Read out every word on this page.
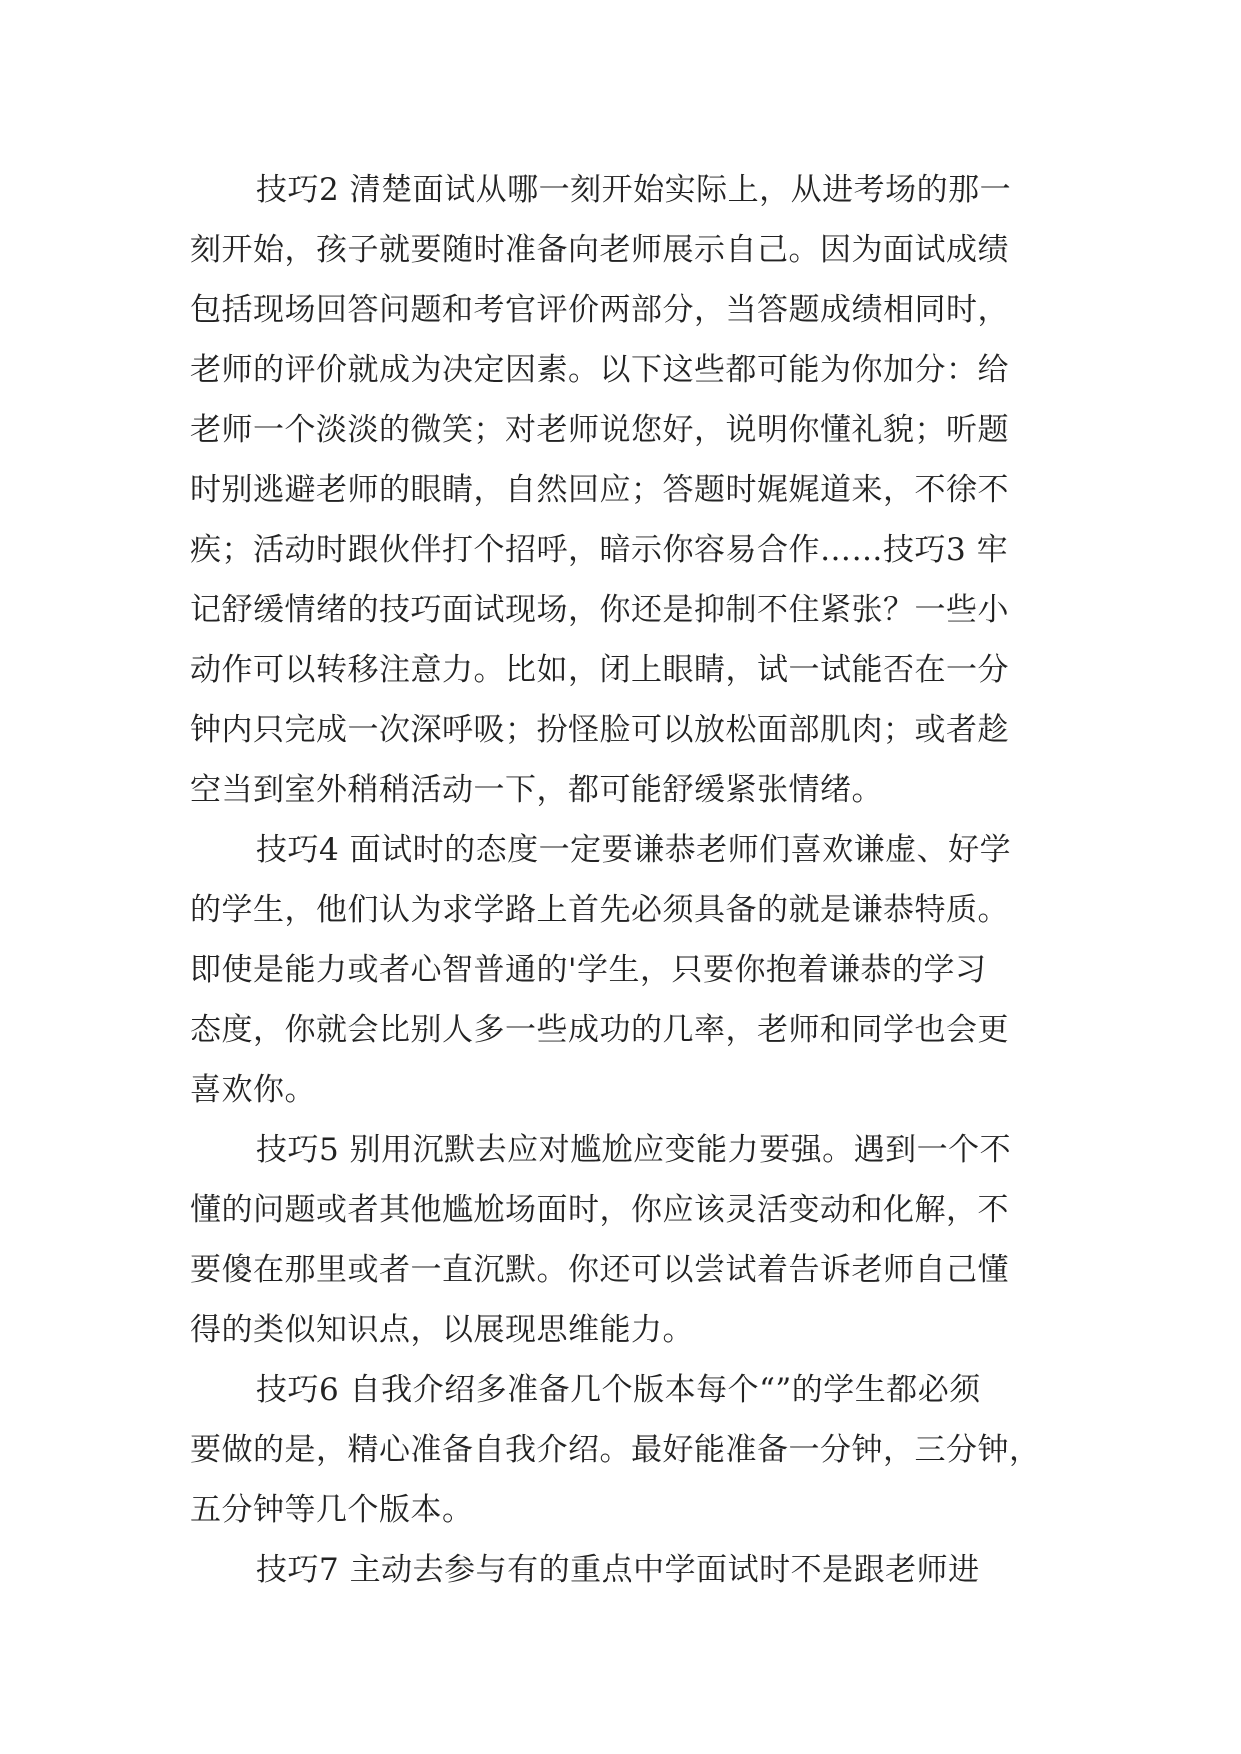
技巧2 清楚面试从哪一刻开始实际上，从进考场的那一
刻开始，孩子就要随时准备向老师展示自己。因为面试成绩
包括现场回答问题和考官评价两部分，当答题成绩相同时，
老师的评价就成为决定因素。以下这些都可能为你加分：给
老师一个淡淡的微笑；对老师说您好，说明你懂礼貌；听题
时别逃避老师的眼睛，自然回应；答题时娓娓道来，不徐不
疾；活动时跟伙伴打个招呼，暗示你容易合作……技巧3 牢
记舒缓情绪的技巧面试现场，你还是抑制不住紧张？一些小
动作可以转移注意力。比如，闭上眼睛，试一试能否在一分
钟内只完成一次深呼吸；扮怪脸可以放松面部肌肉；或者趁
空当到室外稍稍活动一下，都可能舒缓紧张情绪。
技巧4 面试时的态度一定要谦恭老师们喜欢谦虚、好学
的学生，他们认为求学路上首先必须具备的就是谦恭特质。
即使是能力或者心智普通的'学生，只要你抱着谦恭的学习
态度，你就会比别人多一些成功的几率，老师和同学也会更
喜欢你。
技巧5 别用沉默去应对尴尬应变能力要强。遇到一个不
懂的问题或者其他尴尬场面时，你应该灵活变动和化解，不
要傻在那里或者一直沉默。你还可以尝试着告诉老师自己懂
得的类似知识点，以展现思维能力。
技巧6 自我介绍多准备几个版本每个“”的学生都必须
要做的是，精心准备自我介绍。最好能准备一分钟，三分钟，
五分钟等几个版本。
技巧7 主动去参与有的重点中学面试时不是跟老师进
